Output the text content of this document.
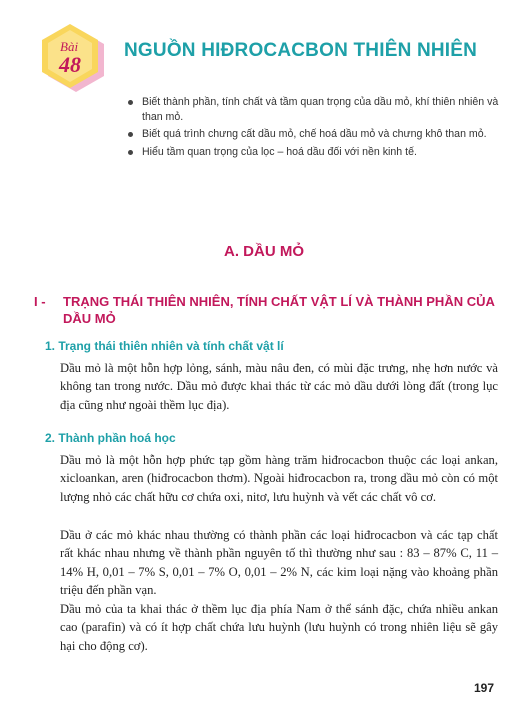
Bài
48
NGUỒN HIĐROCACBON THIÊN NHIÊN
Biết thành phần, tính chất và tầm quan trọng của dầu mỏ, khí thiên nhiên và than mỏ.
Biết quá trình chưng cất dầu mỏ, chế hoá dầu mỏ và chưng khô than mỏ.
Hiểu tầm quan trọng của lọc – hoá dầu đối với nền kinh tế.
A. DẦU MỎ
I -	TRẠNG THÁI THIÊN NHIÊN, TÍNH CHẤT VẬT LÍ VÀ THÀNH PHẦN CỦA DẦU MỎ
1. Trạng thái thiên nhiên và tính chất vật lí

Dầu mỏ là một hỗn hợp lỏng, sánh, màu nâu đen, có mùi đặc trưng, nhẹ hơn nước và không tan trong nước. Dầu mỏ được khai thác từ các mỏ dầu dưới lòng đất (trong lục địa cũng như ngoài thềm lục địa).

2. Thành phần hoá học

Dầu mỏ là một hỗn hợp phức tạp gồm hàng trăm hiđrocacbon thuộc các loại ankan, xicloankan, aren (hiđrocacbon thơm). Ngoài hiđrocacbon ra, trong dầu mỏ còn có một lượng nhỏ các chất hữu cơ chứa oxi, nitơ, lưu huỳnh và vết các chất vô cơ.

Dầu ở các mỏ khác nhau thường có thành phần các loại hiđrocacbon và các tạp chất rất khác nhau nhưng về thành phần nguyên tố thì thường như sau : 83 – 87% C, 11 – 14% H, 0,01 – 7% S, 0,01 – 7% O, 0,01 – 2% N, các kim loại nặng vào khoảng phần triệu đến phần vạn.

Dầu mỏ của ta khai thác ở thềm lục địa phía Nam ở thể sánh đặc, chứa nhiều ankan cao (parafin) và có ít hợp chất chứa lưu huỳnh (lưu huỳnh có trong nhiên liệu sẽ gây hại cho động cơ).

197
